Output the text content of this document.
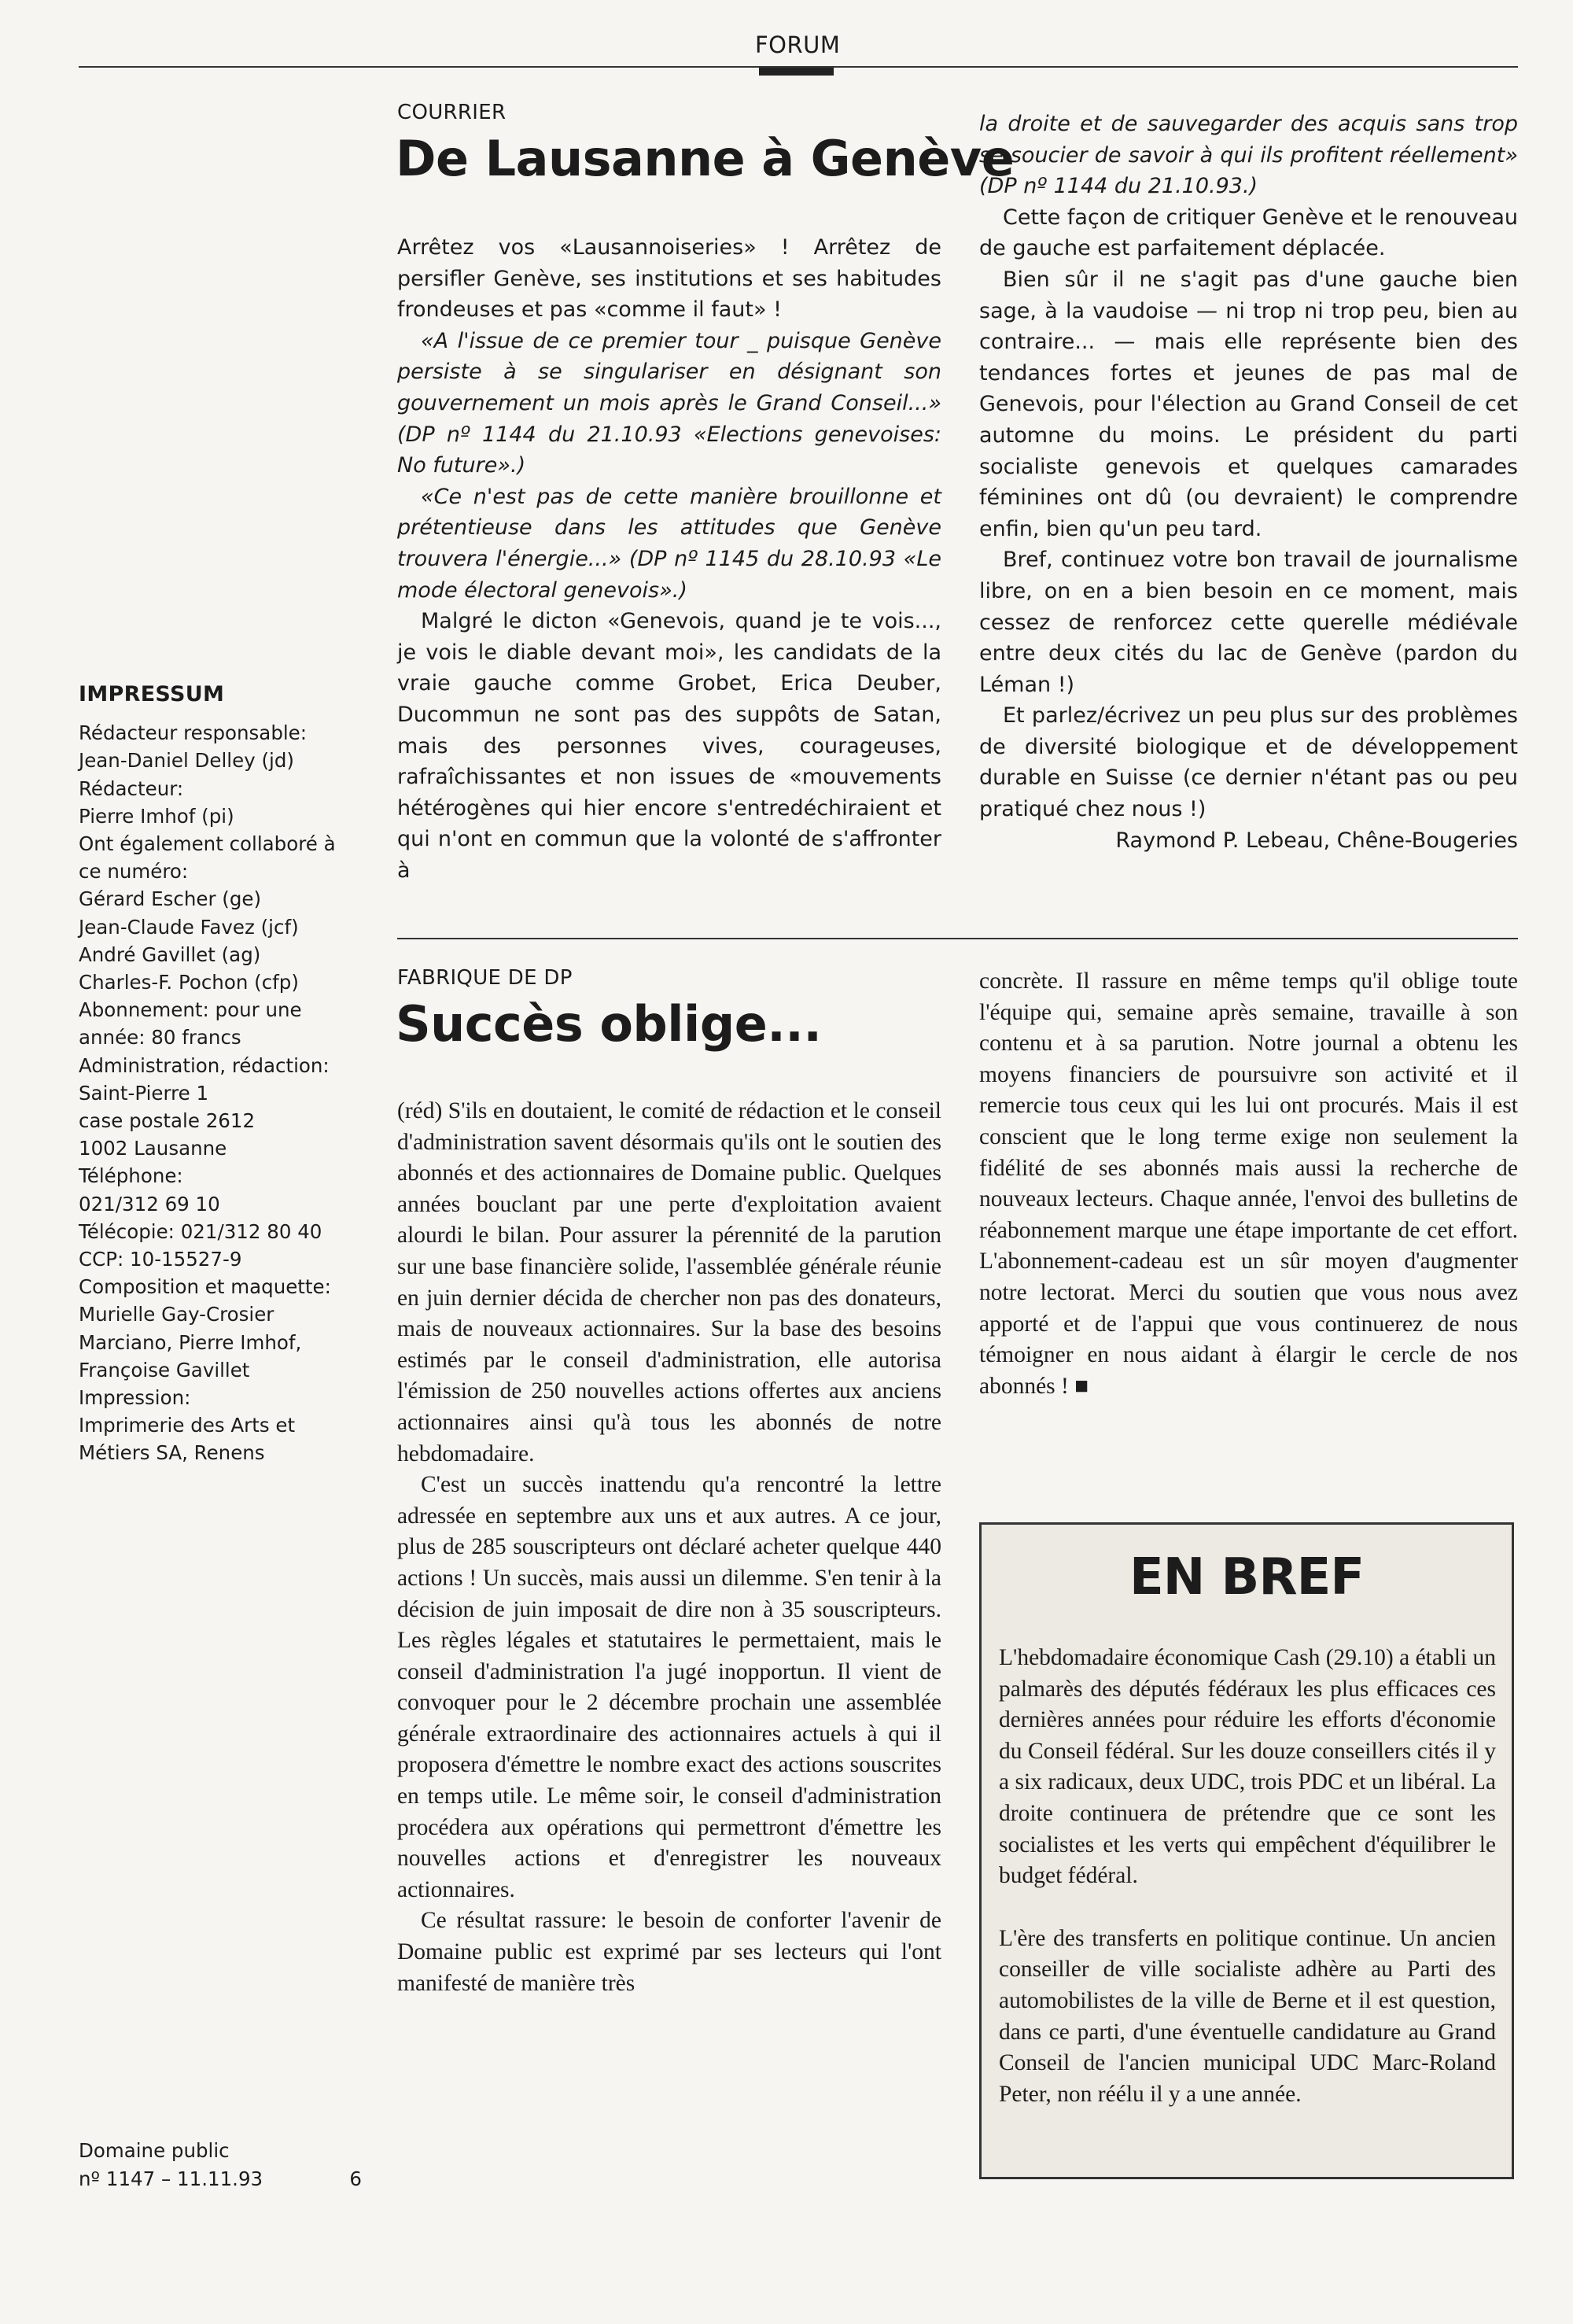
FORUM
COURRIER
De Lausanne à Genève

Arrêtez vos «Lausannoiseries» ! Arrêtez de persifler Genève, ses institutions et ses habitudes frondeuses et pas «comme il faut» !

«A l'issue de ce premier tour _ puisque Genève persiste à se singulariser en désignant son gouvernement un mois après le Grand Conseil...» (DP nº 1144 du 21.10.93 «Elections genevoises: No future».)

«Ce n'est pas de cette manière brouillonne et prétentieuse dans les attitudes que Genève trouvera l'énergie...» (DP nº 1145 du 28.10.93 «Le mode électoral genevois».)

Malgré le dicton «Genevois, quand je te vois..., je vois le diable devant moi», les candidats de la vraie gauche comme Grobet, Erica Deuber, Ducommun ne sont pas des suppôts de Satan, mais des personnes vives, courageuses, rafraîchissantes et non issues de «mouvements hétérogènes qui hier encore s'entredéchiraient et qui n'ont en commun que la volonté de s'affronter à

la droite et de sauvegarder des acquis sans trop se soucier de savoir à qui ils profitent réellement» (DP nº 1144 du 21.10.93.)

Cette façon de critiquer Genève et le renouveau de gauche est parfaitement déplacée.

Bien sûr il ne s'agit pas d'une gauche bien sage, à la vaudoise — ni trop ni trop peu, bien au contraire... — mais elle représente bien des tendances fortes et jeunes de pas mal de Genevois, pour l'élection au Grand Conseil de cet automne du moins. Le président du parti socialiste genevois et quelques camarades féminines ont dû (ou devraient) le comprendre enfin, bien qu'un peu tard.

Bref, continuez votre bon travail de journalisme libre, on en a bien besoin en ce moment, mais cessez de renforcez cette querelle médiévale entre deux cités du lac de Genève (pardon du Léman !)

Et parlez/écrivez un peu plus sur des problèmes de diversité biologique et de développement durable en Suisse (ce dernier n'étant pas ou peu pratiqué chez nous !)

Raymond P. Lebeau, Chêne-Bougeries
IMPRESSUM
Rédacteur responsable:
Jean-Daniel Delley (jd)
Rédacteur:
Pierre Imhof (pi)
Ont également collaboré à
ce numéro:
Gérard Escher (ge)
Jean-Claude Favez (jcf)
André Gavillet (ag)
Charles-F. Pochon (cfp)
Abonnement: pour une
année: 80 francs
Administration, rédaction:
Saint-Pierre 1
case postale 2612
1002 Lausanne
Téléphone:
021/312 69 10
Télécopie: 021/312 80 40
CCP: 10-15527-9
Composition et maquette:
Murielle Gay-Crosier
Marciano, Pierre Imhof,
Françoise Gavillet
Impression:
Imprimerie des Arts et
Métiers SA, Renens
Domaine public
nº 1147 – 11.11.93	6
FABRIQUE DE DP
Succès oblige...

(réd) S'ils en doutaient, le comité de rédaction et le conseil d'administration savent désormais qu'ils ont le soutien des abonnés et des actionnaires de Domaine public. Quelques années bouclant par une perte d'exploitation avaient alourdi le bilan. Pour assurer la pérennité de la parution sur une base financière solide, l'assemblée générale réunie en juin dernier décida de chercher non pas des donateurs, mais de nouveaux actionnaires. Sur la base des besoins estimés par le conseil d'administration, elle autorisa l'émission de 250 nouvelles actions offertes aux anciens actionnaires ainsi qu'à tous les abonnés de notre hebdomadaire.

C'est un succès inattendu qu'a rencontré la lettre adressée en septembre aux uns et aux autres. A ce jour, plus de 285 souscripteurs ont déclaré acheter quelque 440 actions ! Un succès, mais aussi un dilemme. S'en tenir à la décision de juin imposait de dire non à 35 souscripteurs. Les règles légales et statutaires le permettaient, mais le conseil d'administration l'a jugé inopportun. Il vient de convoquer pour le 2 décembre prochain une assemblée générale extraordinaire des actionnaires actuels à qui il proposera d'émettre le nombre exact des actions souscrites en temps utile. Le même soir, le conseil d'administration procédera aux opérations qui permettront d'émettre les nouvelles actions et d'enregistrer les nouveaux actionnaires.

Ce résultat rassure: le besoin de conforter l'avenir de Domaine public est exprimé par ses lecteurs qui l'ont manifesté de manière très

concrète. Il rassure en même temps qu'il oblige toute l'équipe qui, semaine après semaine, travaille à son contenu et à sa parution. Notre journal a obtenu les moyens financiers de poursuivre son activité et il remercie tous ceux qui les lui ont procurés. Mais il est conscient que le long terme exige non seulement la fidélité de ses abonnés mais aussi la recherche de nouveaux lecteurs. Chaque année, l'envoi des bulletins de réabonnement marque une étape importante de cet effort. L'abonnement-cadeau est un sûr moyen d'augmenter notre lectorat. Merci du soutien que vous nous avez apporté et de l'appui que vous continuerez de nous témoigner en nous aidant à élargir le cercle de nos abonnés ! ■

EN BREF

L'hebdomadaire économique Cash (29.10) a établi un palmarès des députés fédéraux les plus efficaces ces dernières années pour réduire les efforts d'économie du Conseil fédéral. Sur les douze conseillers cités il y a six radicaux, deux UDC, trois PDC et un libéral. La droite continuera de prétendre que ce sont les socialistes et les verts qui empêchent d'équilibrer le budget fédéral.

L'ère des transferts en politique continue. Un ancien conseiller de ville socialiste adhère au Parti des automobilistes de la ville de Berne et il est question, dans ce parti, d'une éventuelle candidature au Grand Conseil de l'ancien municipal UDC Marc-Roland Peter, non réélu il y a une année.
